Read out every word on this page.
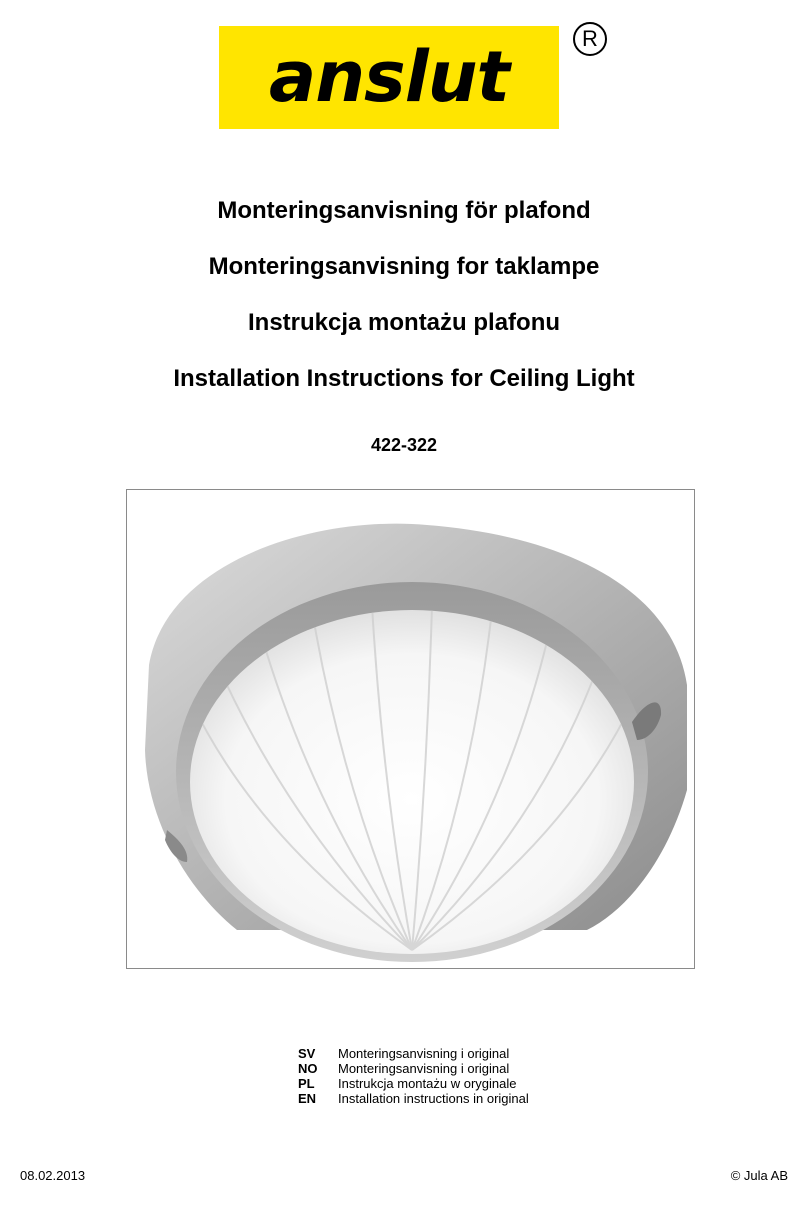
anslut	R
Monteringsanvisning för plafond
Monteringsanvisning for taklampe
Instrukcja montażu plafonu
Installation Instructions for Ceiling Light
422-322
SV Monteringsanvisning i original
NO Monteringsanvisning i original
PL Instrukcja montażu w oryginale
EN Installation instructions in original
08.02.2013	© Jula AB
